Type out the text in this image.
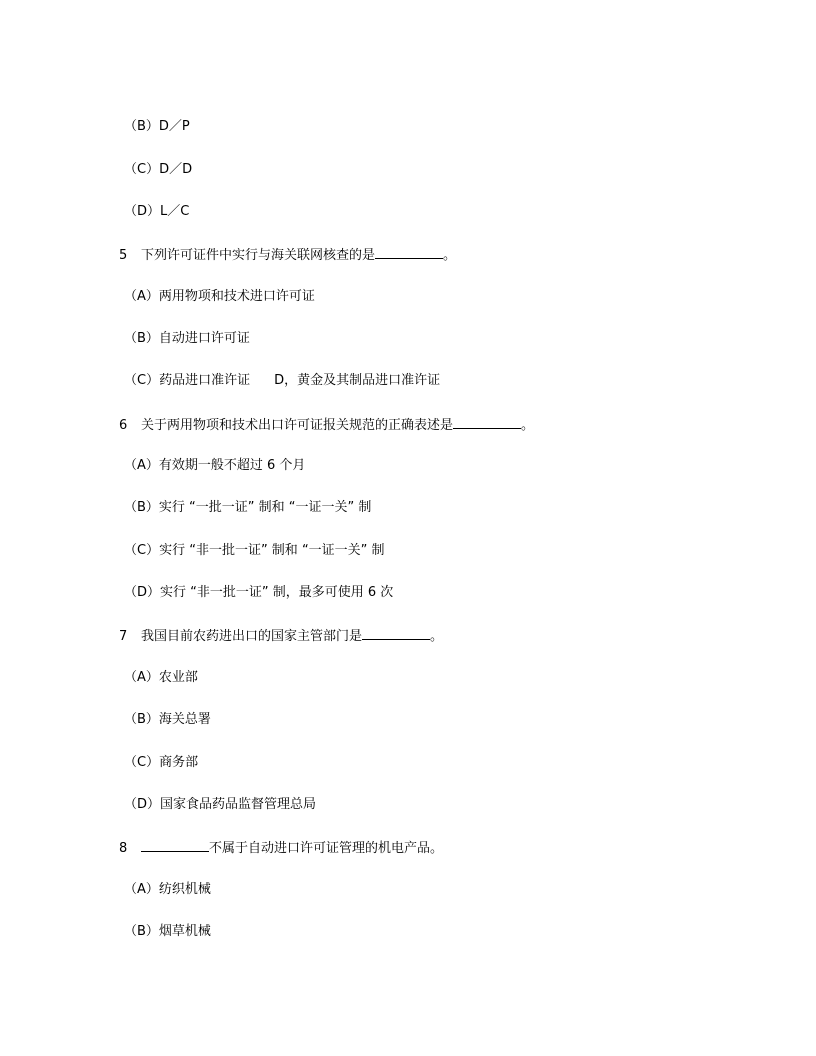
（B）D／P
（C）D／D
（D）L／C
5 下列许可证件中实行与海关联网核查的是	。
（A）两用物项和技术进口许可证
（B）自动进口许可证
（C）药品进口准许证 D，黄金及其制品进口准许证
6 关于两用物项和技术出口许可证报关规范的正确表述是	。
（A）有效期一般不超过 6 个月
（B）实行 “一批一证” 制和 “一证一关” 制
（C）实行 “非一批一证” 制和 “一证一关” 制
（D）实行 “非一批一证” 制，最多可使用 6 次
7 我国目前农药进出口的国家主管部门是	。
（A）农业部
（B）海关总署
（C）商务部
（D）国家食品药品监督管理总局
8	不属于自动进口许可证管理的机电产品。
（A）纺织机械
（B）烟草机械
